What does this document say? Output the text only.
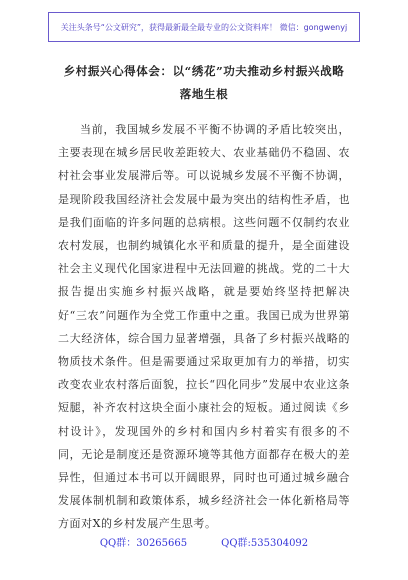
关注头条号“公文研究”，获得最新最全最专业的公文资料库！ 微信：gongwenyj
乡村振兴心得体会：以“绣花”功夫推动乡村振兴战略落地生根

当前，我国城乡发展不平衡不协调的矛盾比较突出，主要表现在城乡居民收差距较大、农业基础仍不稳固、农村社会事业发展滞后等。可以说城乡发展不平衡不协调，是现阶段我国经济社会发展中最为突出的结构性矛盾，也是我们面临的许多问题的总病根。这些问题不仅制约农业农村发展，也制约城镇化水平和质量的提升，是全面建设社会主义现代化国家进程中无法回避的挑战。党的二十大报告提出实施乡村振兴战略，就是要始终坚持把解决好“三农”问题作为全党工作重中之重。我国已成为世界第二大经济体，综合国力显著增强，具备了乡村振兴战略的物质技术条件。但是需要通过采取更加有力的举措，切实改变农业农村落后面貌，拉长“四化同步”发展中农业这条短腿，补齐农村这块全面小康社会的短板。通过阅读《乡村设计》，发现国外的乡村和国内乡村着实有很多的不同，无论是制度还是资源环境等其他方面都存在极大的差异性，但通过本书可以开阔眼界，同时也可通过城乡融合发展体制机制和政策体系，城乡经济社会一体化新格局等方面对X的乡村发展产生思考。

QQ群：30265665	QQ群:535304092
